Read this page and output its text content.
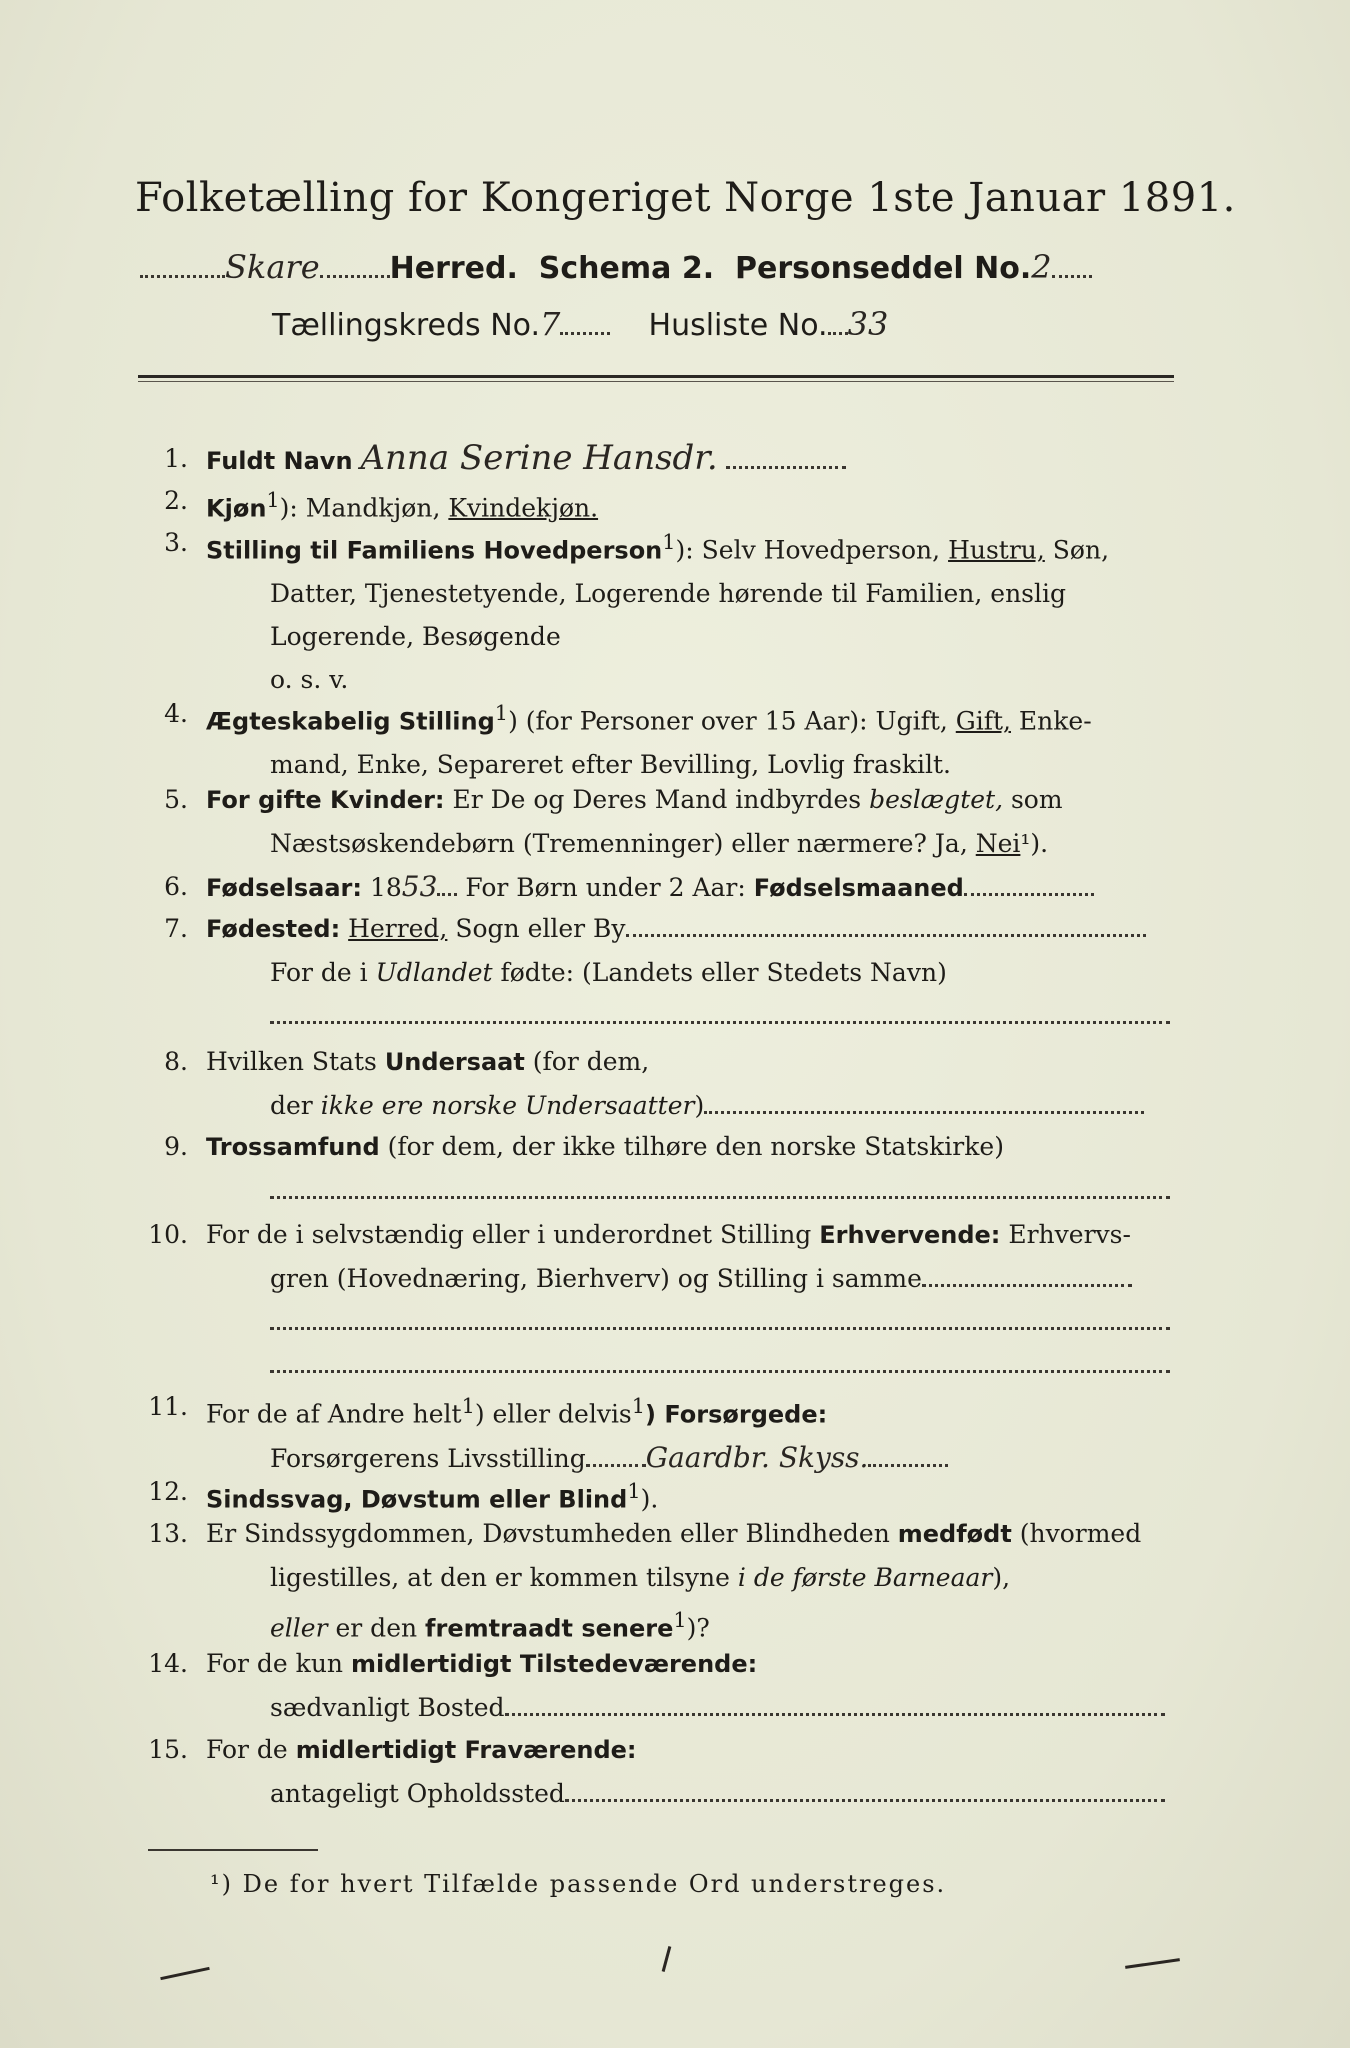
Folketælling for Kongeriget Norge 1ste Januar 1891.
Skare Herred. Schema 2. Personseddel No.2
Tællingskreds No.7	Husliste No. 33
1. Fuldt Navn Anna Serine Hansdr.
2. Kjøn$^1$): Mandkjøn, Kvindekjøn.
3. Stilling til Familiens Hovedperson$^1$): Selv Hovedperson, Hustru, Søn,
Datter, Tjenestetyende, Logerende hørende til Familien, enslig
Logerende, Besøgende
o. s. v.
4. Ægteskabelig Stilling$^1$) (for Personer over 15 Aar): Ugift, Gift, Enke-
mand, Enke, Separeret efter Bevilling, Lovlig fraskilt.
5. For gifte Kvinder: Er De og Deres Mand indbyrdes beslægtet, som
Næstsøskendebørn (Tremenninger) eller nærmere? Ja, Nei¹).
6. Fødselsaar: 1853 For Børn under 2 Aar: Fødselsmaaned
7. Fødested: Herred, Sogn eller By
For de i Udlandet fødte: (Landets eller Stedets Navn)
8. Hvilken Stats Undersaat (for dem,
der ikke ere norske Undersaatter)
9. Trossamfund (for dem, der ikke tilhøre den norske Statskirke)
10. For de i selvstændig eller i underordnet Stilling Erhvervende: Erhvervs-
gren (Hovednæring, Bierhverv) og Stilling i samme
11. For de af Andre helt$^1$) eller delvis$^1$) Forsørgede:
Forsørgerens Livsstilling Gaardbr. Skyss.
12. Sindssvag, Døvstum eller Blind$^1$).
13. Er Sindssygdommen, Døvstumheden eller Blindheden medfødt (hvormed
ligestilles, at den er kommen tilsyne i de første Barneaar),
eller er den fremtraadt senere$^1$)?
14. For de kun midlertidigt Tilstedeværende:
sædvanligt Bosted
15. For de midlertidigt Fraværende:
antageligt Opholdssted
¹) De for hvert Tilfælde passende Ord understreges.
